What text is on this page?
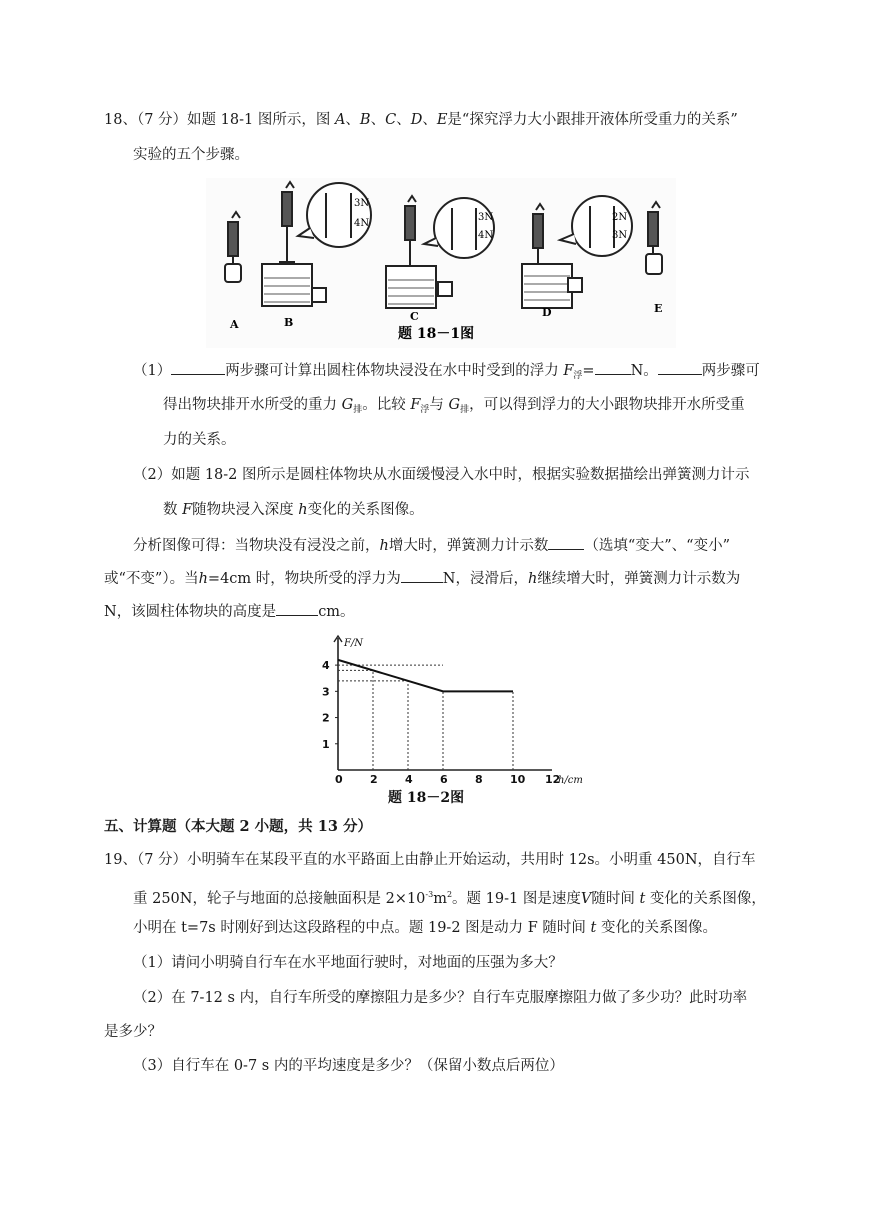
18、（7 分）如题 18-1 图所示，图 A、B、C、D、E是“探究浮力大小跟排开液体所受重力的关系”
实验的五个步骤。
3N
4N
3N
4N
2N
3N
A	B	C	D	E
题 18－1图
（1）	两步骤可计算出圆柱体物块浸没在水中时受到的浮力 $F_浮= N$。	两步骤可
得出物块排开水所受的重力 $G_排$。比较 $F_浮$与 $G_排$，可以得到浮力的大小跟物块排开水所受重
力的关系。
（2）如题 18-2 图所示是圆柱体物块从水面缓慢浸入水中时，根据实验数据描绘出弹簧测力计示
数 F随物块浸入深度 h变化的关系图像。
分析图像可得：当物块没有浸没之前，h增大时，弹簧测力计示数 （选填“变大”、“变小”
或“不变”）。当h=4cm 时，物块所受的浮力为	N，浸滑后，h继续增大时，弹簧测力计示数为
N，该圆柱体物块的高度是	cm。
0 2 4 6 8 10 12
1
2
3
4
h/cm
F/N
题 18－2图
五、计算题（本大题 2 小题，共 13 分）
19、（7 分）小明骑车在某段平直的水平路面上由静止开始运动，共用时 12s。小明重 450N，自行车
重 250N，轮子与地面的总接触面积是 $2\times 10^{-3}m^2$。题 19-1 图是速度V随时间 t 变化的关系图像，
小明在 t=7s 时刚好到达这段路程的中点。题 19-2 图是动力 F 随时间 t 变化的关系图像。
（1）请问小明骑自行车在水平地面行驶时，对地面的压强为多大？
（2）在 7-12 s 内，自行车所受的摩擦阻力是多少？自行车克服摩擦阻力做了多少功？此时功率
是多少？
（3）自行车在 0-7 s 内的平均速度是多少？（保留小数点后两位）
